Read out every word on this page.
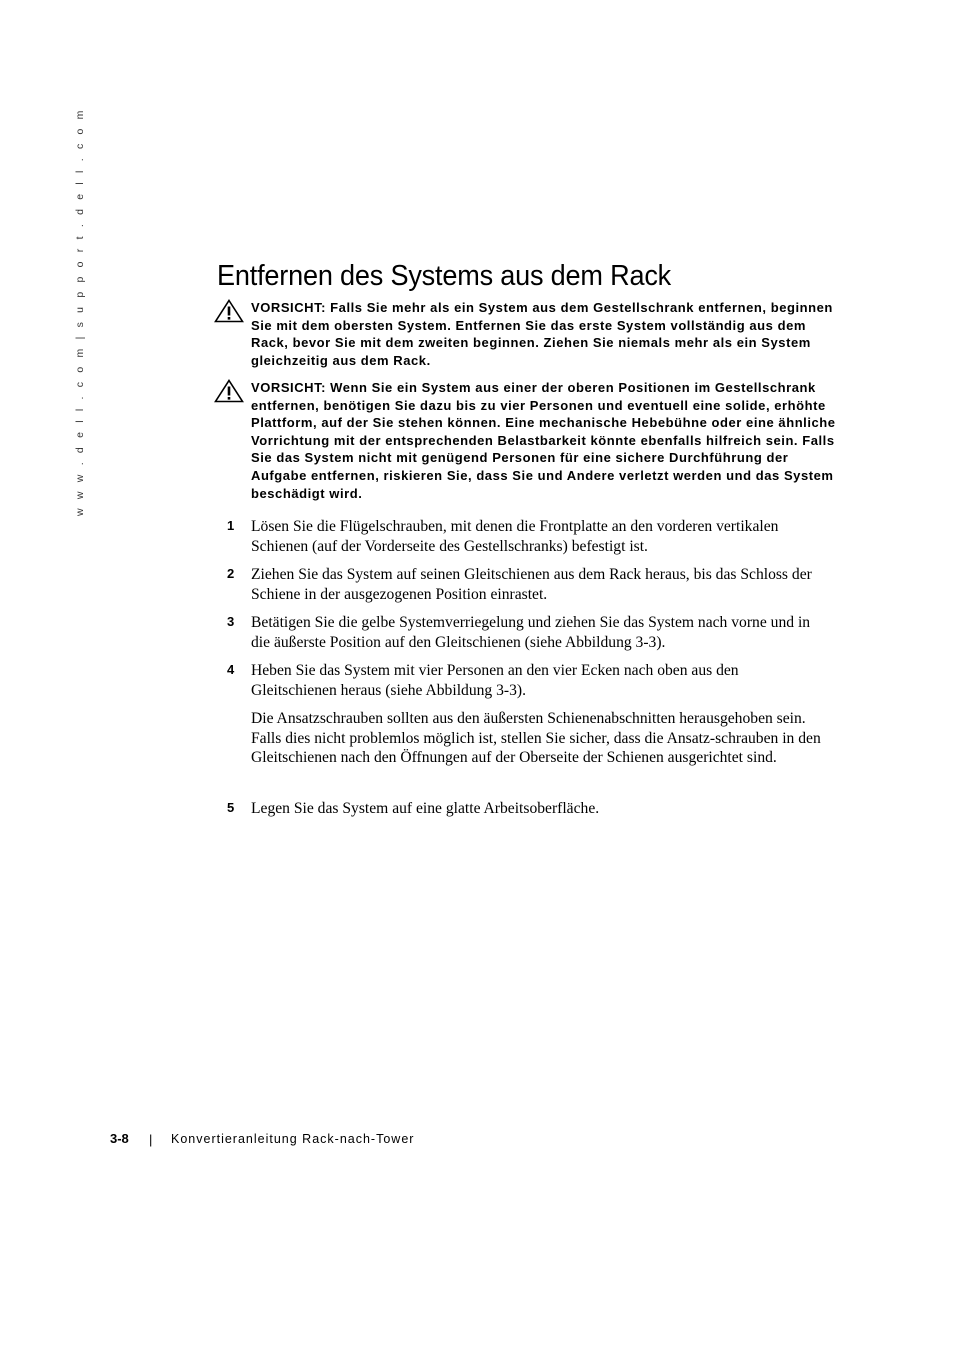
w w w . d e l l . c o m | s u p p o r t . d e l l . c o m	Entfernen des Systems aus dem Rack
VORSICHT: Falls Sie mehr als ein System aus dem Gestellschrank entfernen, beginnen Sie mit dem obersten System. Entfernen Sie das erste System vollständig aus dem Rack, bevor Sie mit dem zweiten beginnen. Ziehen Sie niemals mehr als ein System gleichzeitig aus dem Rack.
VORSICHT: Wenn Sie ein System aus einer der oberen Positionen im Gestellschrank entfernen, benötigen Sie dazu bis zu vier Personen und eventuell eine solide, erhöhte Plattform, auf der Sie stehen können. Eine mechanische Hebebühne oder eine ähnliche Vorrichtung mit der entsprechenden Belastbarkeit könnte ebenfalls hilfreich sein. Falls Sie das System nicht mit genügend Personen für eine sichere Durchführung der Aufgabe entfernen, riskieren Sie, dass Sie und Andere verletzt werden und das System beschädigt wird.
1 Lösen Sie die Flügelschrauben, mit denen die Frontplatte an den vorderen vertikalen Schienen (auf der Vorderseite des Gestellschranks) befestigt ist.
2 Ziehen Sie das System auf seinen Gleitschienen aus dem Rack heraus, bis das Schloss der Schiene in der ausgezogenen Position einrastet.
3 Betätigen Sie die gelbe Systemverriegelung und ziehen Sie das System nach vorne und in die äußerste Position auf den Gleitschienen (siehe Abbildung 3-3).
4 Heben Sie das System mit vier Personen an den vier Ecken nach oben aus den Gleitschienen heraus (siehe Abbildung 3-3).
Die Ansatzschrauben sollten aus den äußersten Schienenabschnitten herausgehoben sein. Falls dies nicht problemlos möglich ist, stellen Sie sicher, dass die Ansatz-schrauben in den Gleitschienen nach den Öffnungen auf der Oberseite der Schienen ausgerichtet sind.
5 Legen Sie das System auf eine glatte Arbeitsoberfläche.
3-8 | Konvertieranleitung Rack-nach-Tower
